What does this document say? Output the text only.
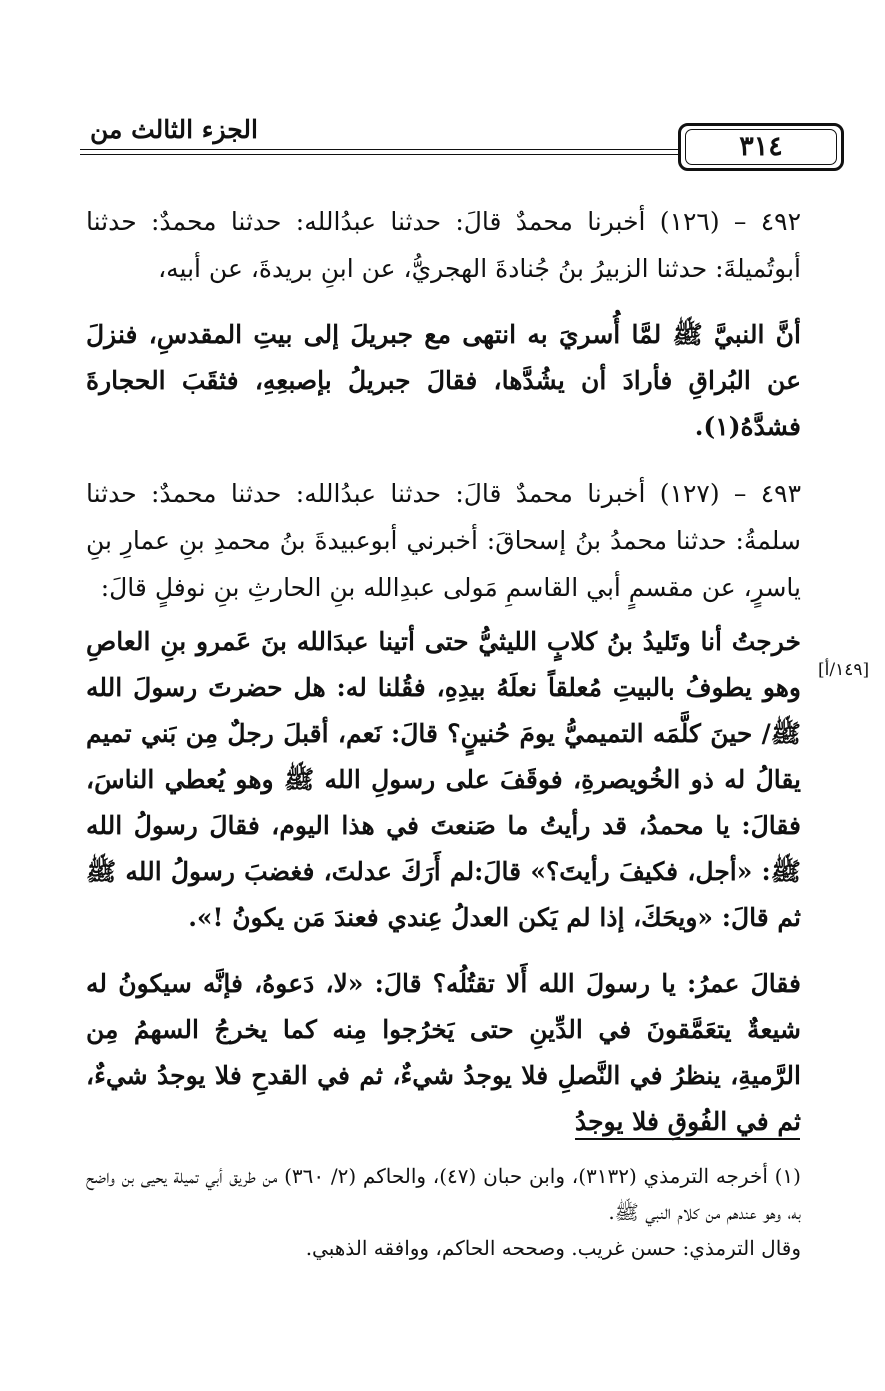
الجزء الثالث من
٣١٤

٤٩٢ – (١٢٦) أخبرنا محمدٌ قالَ: حدثنا عبدُالله: حدثنا محمدٌ: حدثنا أبوتُميلةَ: حدثنا الزبيرُ بنُ جُنادةَ الهجريُّ، عن ابنِ بريدةَ، عن أبيه،

أنَّ النبيَّ ﷺ لمَّا أُسريَ به انتهى مع جبريلَ إلى بيتِ المقدسِ، فنزلَ عن البُراقِ فأرادَ أن يشُدَّها، فقالَ جبريلُ بإصبعِهِ، فثقَبَ الحجارةَ فشدَّهُ(١).

٤٩٣ – (١٢٧) أخبرنا محمدٌ قالَ: حدثنا عبدُالله: حدثنا محمدٌ: حدثنا سلمةُ: حدثنا محمدُ بنُ إسحاقَ: أخبرني أبوعبيدةَ بنُ محمدِ بنِ عمارِ بنِ ياسرٍ، عن مقسمٍ أبي القاسمِ مَولى عبدِالله بنِ الحارثِ بنِ نوفلٍ قالَ:

خرجتُ أنا وتَليدُ بنُ كلابٍ الليثيُّ حتى أتينا عبدَالله بنَ عَمرو بنِ العاصِ وهو يطوفُ بالبيتِ مُعلقاً نعلَهُ بيدِهِ، فقُلنا له: هل حضرتَ رسولَ الله ﷺ/ حينَ كلَّمَه التميميُّ يومَ حُنينٍ؟ قالَ: نَعم، أقبلَ رجلٌ مِن بَني تميم يقالُ له ذو الخُويصرةِ، فوقَفَ على رسولِ الله ﷺ وهو يُعطي الناسَ، فقالَ: يا محمدُ، قد رأيتُ ما صَنعتَ في هذا اليوم، فقالَ رسولُ الله ﷺ: «أجل، فكيفَ رأيتَ؟» قالَ:لم أَرَكَ عدلتَ، فغضبَ رسولُ الله ﷺ ثم قالَ: «ويحَكَ، إذا لم يَكن العدلُ عِندي فعندَ مَن يكونُ !».

فقالَ عمرُ: يا رسولَ الله أَلا تقتُلُه؟ قالَ: «لا، دَعوهُ، فإنَّه سيكونُ له شيعةٌ يتعَمَّقونَ في الدِّينِ حتى يَخرُجوا مِنه كما يخرجُ السهمُ مِن الرَّميةِ، ينظرُ في النَّصلِ فلا يوجدُ شيءٌ، ثم في القدحِ فلا يوجدُ شيءٌ، ثم في الفُوقِ فلا يوجدُ

[١٤٩/أ]

(١) أخرجه الترمذي (٣١٣٢)، وابن حبان (٤٧)، والحاكم (٢/ ٣٦٠) من طريق أبي تميلة يحيى بن واضح به، وهو عندهم من كلام النبي ﷺ.

وقال الترمذي: حسن غريب. وصححه الحاكم، ووافقه الذهبي.
